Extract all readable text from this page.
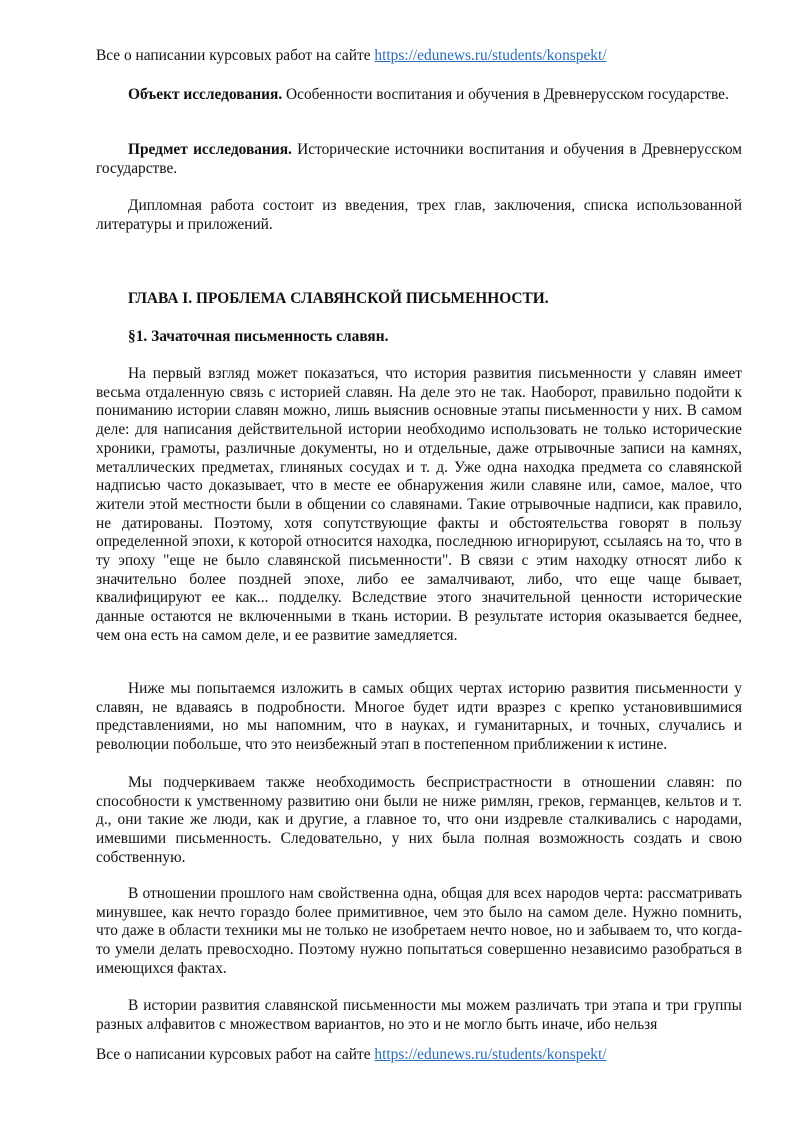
Все о написании курсовых работ на сайте https://edunews.ru/students/konspekt/
Объект исследования. Особенности воспитания и обучения в Древнерусском государстве.
Предмет исследования. Исторические источники воспитания и обучения в Древнерусском государстве.
Дипломная работа состоит из введения, трех глав, заключения, списка использованной литературы и приложений.
ГЛАВА I. ПРОБЛЕМА СЛАВЯНСКОЙ ПИСЬМЕННОСТИ.
§1. Зачаточная письменность славян.
На первый взгляд может показаться, что история развития письменности у славян имеет весьма отдаленную связь с историей славян. На деле это не так. Наоборот, правильно подойти к пониманию истории славян можно, лишь выяснив основные этапы письменности у них. В самом деле: для написания действительной истории необходимо использовать не только исторические хроники, грамоты, различные документы, но и отдельные, даже отрывочные записи на камнях, металлических предметах, глиняных сосудах и т. д. Уже одна находка предмета со славянской надписью часто доказывает, что в месте ее обнаружения жили славяне или, самое, малое, что жители этой местности были в общении со славянами. Такие отрывочные надписи, как правило, не датированы. Поэтому, хотя сопутствующие факты и обстоятельства говорят в пользу определенной эпохи, к которой относится находка, последнюю игнорируют, ссылаясь на то, что в ту эпоху "еще не было славянской письменности". В связи с этим находку относят либо к значительно более поздней эпохе, либо ее замалчивают, либо, что еще чаще бывает, квалифицируют ее как... подделку. Вследствие этого значительной ценности исторические данные остаются не включенными в ткань истории. В результате история оказывается беднее, чем она есть на самом деле, и ее развитие замедляется.
Ниже мы попытаемся изложить в самых общих чертах историю развития письменности у славян, не вдаваясь в подробности. Многое будет идти вразрез с крепко установившимися представлениями, но мы напомним, что в науках, и гуманитарных, и точных, случались и революции побольше, что это неизбежный этап в постепенном приближении к истине.
Мы подчеркиваем также необходимость беспристрастности в отношении славян: по способности к умственному развитию они были не ниже римлян, греков, германцев, кельтов и т. д., они такие же люди, как и другие, а главное то, что они издревле сталкивались с народами, имевшими письменность. Следовательно, у них была полная возможность создать и свою собственную.
В отношении прошлого нам свойственна одна, общая для всех народов черта: рассматривать минувшее, как нечто гораздо более примитивное, чем это было на самом деле. Нужно помнить, что даже в области техники мы не только не изобретаем нечто новое, но и забываем то, что когда-то умели делать превосходно. Поэтому нужно попытаться совершенно независимо разобраться в имеющихся фактах.
В истории развития славянской письменности мы можем различать три этапа и три группы разных алфавитов с множеством вариантов, но это и не могло быть иначе, ибо нельзя
Все о написании курсовых работ на сайте https://edunews.ru/students/konspekt/
